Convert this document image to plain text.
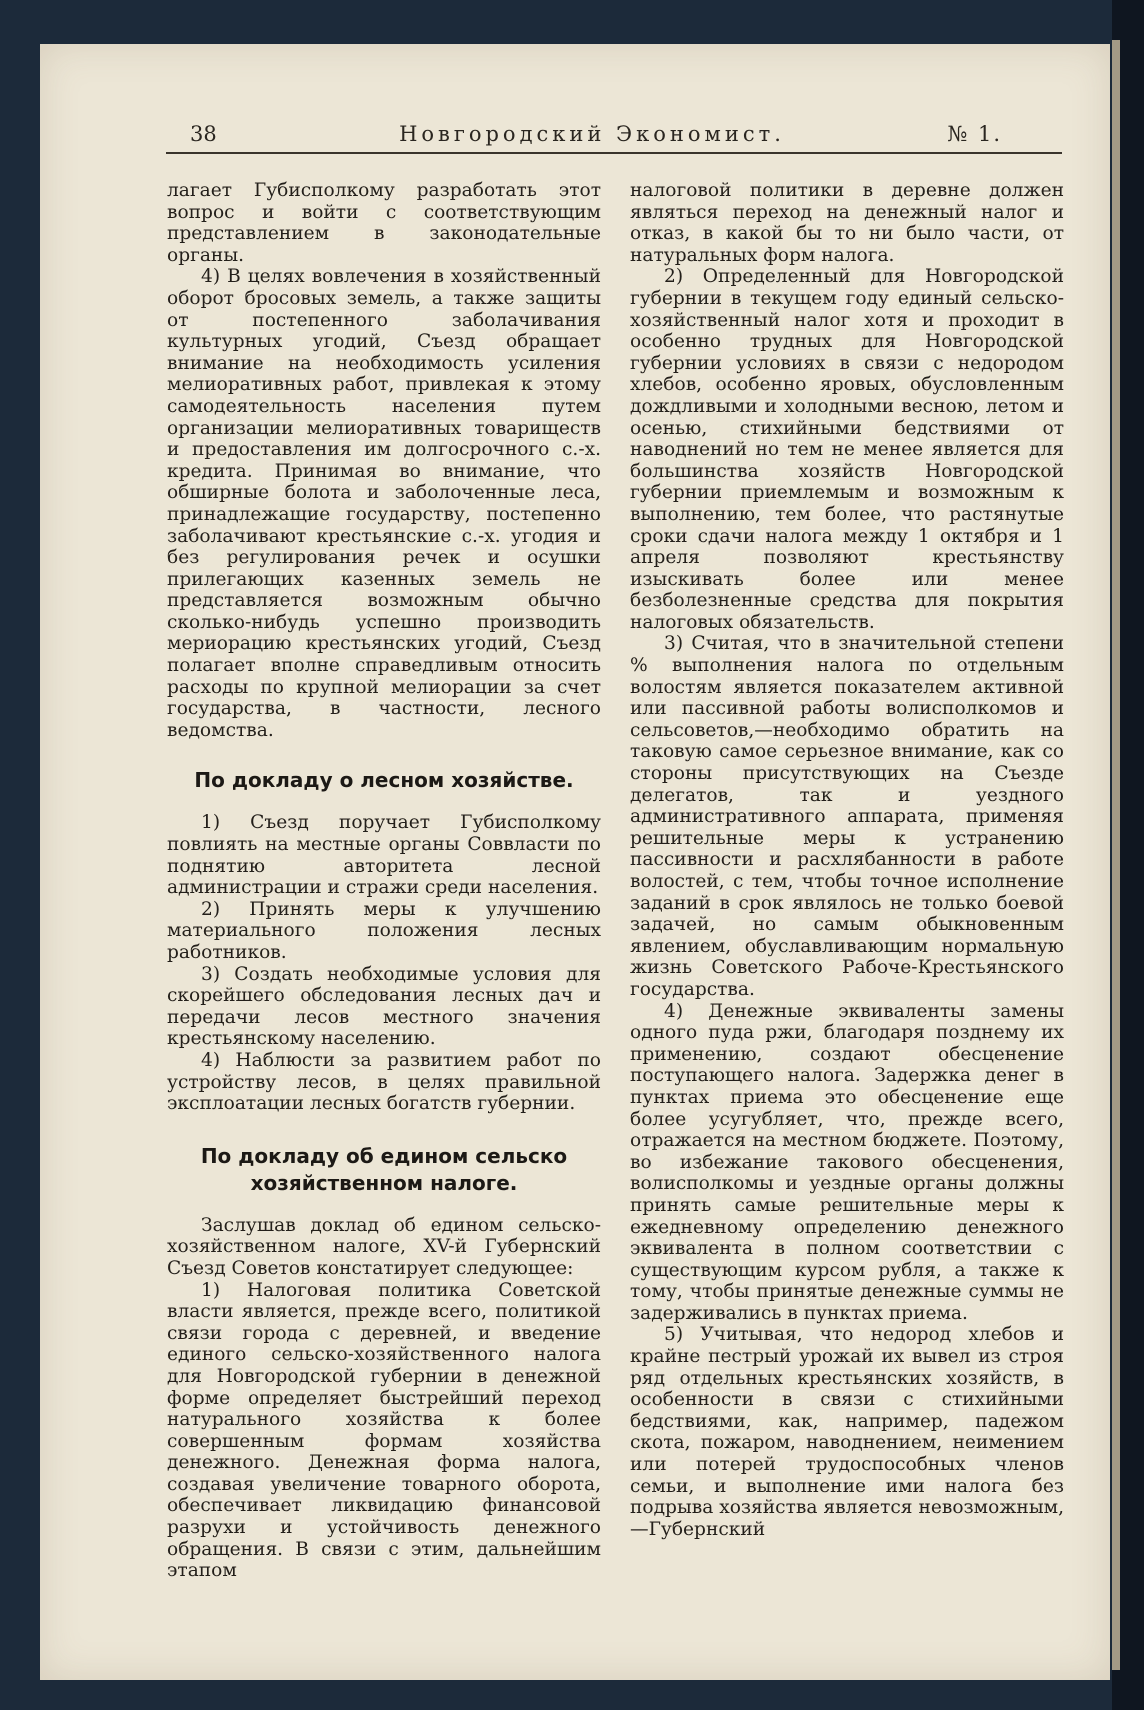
38	Новгородский Экономист.	№ 1.

лагает Губисполкому разработать этот вопрос и войти с соответствующим представлением в законодательные органы.

4) В целях вовлечения в хозяйственный оборот бросовых земель, а также защиты от постепенного заболачивания культурных угодий, Съезд обращает внимание на необходимость усиления мелиоративных работ, привлекая к этому самодеятельность населения путем организации мелиоративных товариществ и предоставления им долгосрочного с.-х. кредита. Принимая во внимание, что обширные болота и заболоченные леса, принадлежащие государству, постепенно заболачивают крестьянские с.-х. угодия и без регулирования речек и осушки прилегающих казенных земель не представляется возможным обычно сколько-нибудь успешно производить мериорацию крестьянских угодий, Съезд полагает вполне справедливым относить расходы по крупной мелиорации за счет государства, в частности, лесного ведомства.

По докладу о лесном хозяйстве.

1) Съезд поручает Губисполкому повлиять на местные органы Соввласти по поднятию авторитета лесной администрации и стражи среди населения.

2) Принять меры к улучшению материального положения лесных работников.

3) Создать необходимые условия для скорейшего обследования лесных дач и передачи лесов местного значения крестьянскому населению.

4) Наблюсти за развитием работ по устройству лесов, в целях правильной эксплоатации лесных богатств губернии.

По докладу об едином сельско хозяйственном налоге.

Заслушав доклад об едином сельско-хозяйственном налоге, XV-й Губернский Съезд Советов констатирует следующее:

1) Налоговая политика Советской власти является, прежде всего, политикой связи города с деревней, и введение единого сельско-хозяйственного налога для Новгородской губернии в денежной форме определяет быстрейший переход натурального хозяйства к более совершенным формам хозяйства денежного. Денежная форма налога, создавая увеличение товарного оборота, обеспечивает ликвидацию финансовой разрухи и устойчивость денежного обращения. В связи с этим, дальнейшим этапом

налоговой политики в деревне должен являться переход на денежный налог и отказ, в какой бы то ни было части, от натуральных форм налога.

2) Определенный для Новгородской губернии в текущем году единый сельско-хозяйственный налог хотя и проходит в особенно трудных для Новгородской губернии условиях в связи с недородом хлебов, особенно яровых, обусловленным дождливыми и холодными весною, летом и осенью, стихийными бедствиями от наводнений но тем не менее является для большинства хозяйств Новгородской губернии приемлемым и возможным к выполнению, тем более, что растянутые сроки сдачи налога между 1 октября и 1 апреля позволяют крестьянству изыскивать более или менее безболезненные средства для покрытия налоговых обязательств.

3) Считая, что в значительной степени % выполнения налога по отдельным волостям является показателем активной или пассивной работы волисполкомов и сельсоветов,—необходимо обратить на таковую самое серьезное внимание, как со стороны присутствующих на Съезде делегатов, так и уездного административного аппарата, применяя решительные меры к устранению пассивности и расхлябанности в работе волостей, с тем, чтобы точное исполнение заданий в срок являлось не только боевой задачей, но самым обыкновенным явлением, обуславливающим нормальную жизнь Советского Рабоче-Крестьянского государства.

4) Денежные эквиваленты замены одного пуда ржи, благодаря позднему их применению, создают обесценение поступающего налога. Задержка денег в пунктах приема это обесценение еще более усугубляет, что, прежде всего, отражается на местном бюджете. Поэтому, во избежание такового обесценения, волисполкомы и уездные органы должны принять самые решительные меры к ежедневному определению денежного эквивалента в полном соответствии с существующим курсом рубля, а также к тому, чтобы принятые денежные суммы не задерживались в пунктах приема.

5) Учитывая, что недород хлебов и крайне пестрый урожай их вывел из строя ряд отдельных крестьянских хозяйств, в особенности в связи с стихийными бедствиями, как, например, падежом скота, пожаром, наводнением, неимением или потерей трудоспособных членов семьи, и выполнение ими налога без подрыва хозяйства является невозможным,—Губернский
